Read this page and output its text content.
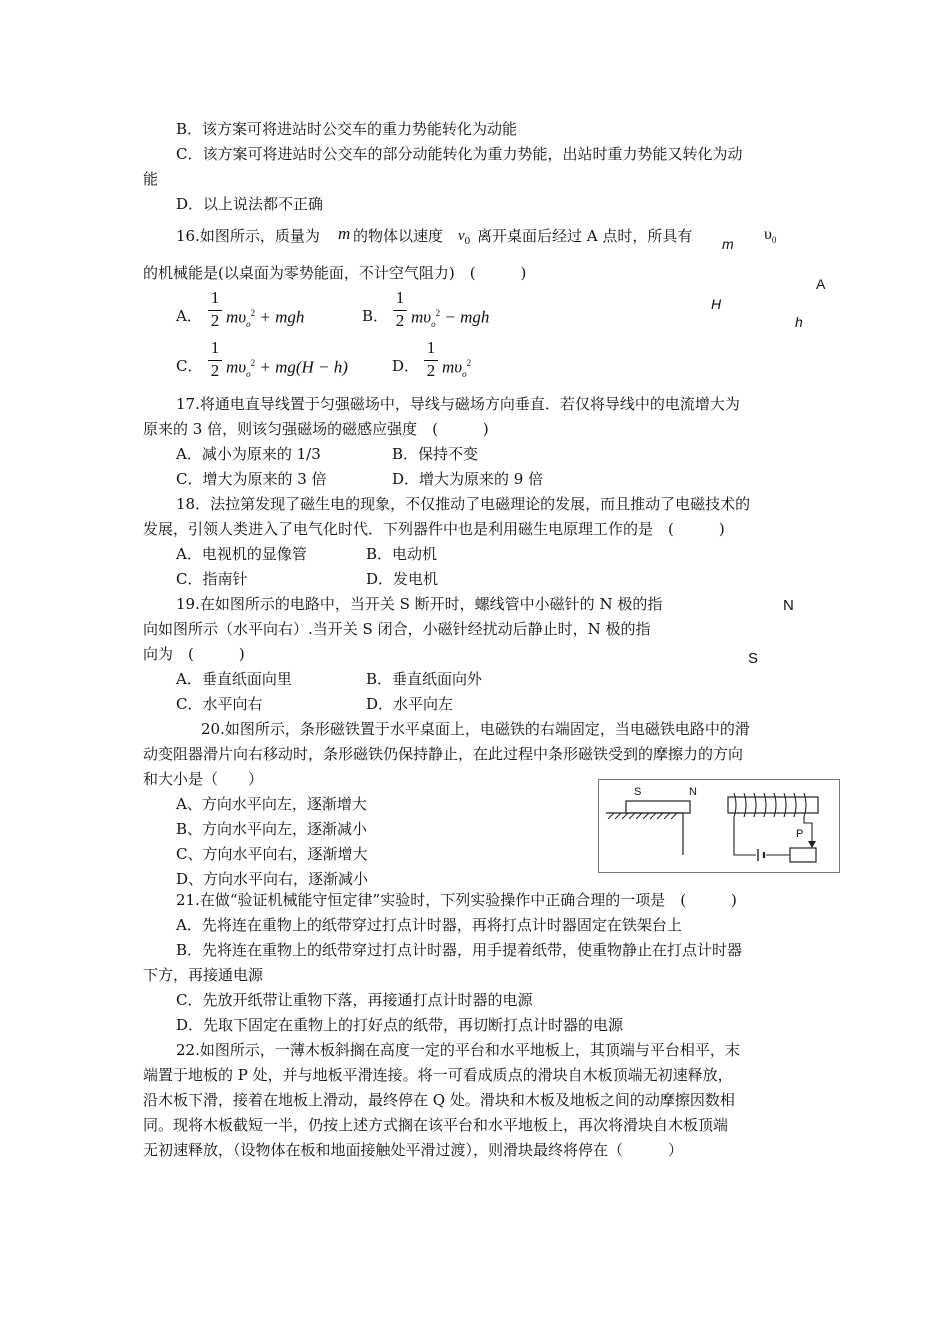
B．该方案可将进站时公交车的重力势能转化为动能
C．该方案可将进站时公交车的部分动能转化为重力势能，出站时重力势能又转化为动
能
D．以上说法都不正确
16.如图所示，质量为 m 的物体以速度 $v_0$ 离开桌面后经过 A 点时，所具有
的机械能是(以桌面为零势能面，不计空气阻力)　(　　　)
A． $\frac{1}{2} m\upsilon_o^2$ + mgh	B． $\frac{1}{2} m\upsilon_o^2$ − mgh
C． $\frac{1}{2} m\upsilon_o^2 + mg(H - h)$	D． $\frac{1}{2} m\upsilon_o^2$
m
$\upsilon_0$
A
H
h
17.将通电直导线置于匀强磁场中，导线与磁场方向垂直．若仅将导线中的电流增大为
原来的 3 倍，则该匀强磁场的磁感应强度　(　　　)
A．减小为原来的 1/3	B．保持不变
C．增大为原来的 3 倍	D．增大为原来的 9 倍
18．法拉第发现了磁生电的现象，不仅推动了电磁理论的发展，而且推动了电磁技术的
发展，引领人类进入了电气化时代．下列器件中也是利用磁生电原理工作的是　(　　　)
A．电视机的显像管	B．电动机
C．指南针	D．发电机
19.在如图所示的电路中，当开关 S 断开时，螺线管中小磁针的 N 极的指
向如图所示（水平向右）.当开关 S 闭合，小磁针经扰动后静止时，N 极的指
向为　(　　　)
A．垂直纸面向里	B．垂直纸面向外
C．水平向右	D．水平向左
N
S
20.如图所示，条形磁铁置于水平桌面上，电磁铁的右端固定，当电磁铁电路中的滑
动变阻器滑片向右移动时，条形磁铁仍保持静止，在此过程中条形磁铁受到的摩擦力的方向
和大小是（　　）
A、方向水平向左，逐渐增大
B、方向水平向左，逐渐减小
C、方向水平向右，逐渐增大
D、方向水平向右，逐渐减小
S	N
P
21.在做“验证机械能守恒定律”实验时，下列实验操作中正确合理的一项是　(　　　)
A．先将连在重物上的纸带穿过打点计时器，再将打点计时器固定在铁架台上
B．先将连在重物上的纸带穿过打点计时器，用手提着纸带，使重物静止在打点计时器
下方，再接通电源
C．先放开纸带让重物下落，再接通打点计时器的电源
D．先取下固定在重物上的打好点的纸带，再切断打点计时器的电源
22.如图所示，一薄木板斜搁在高度一定的平台和水平地板上，其顶端与平台相平，末
端置于地板的 P 处，并与地板平滑连接。将一可看成质点的滑块自木板顶端无初速释放，
沿木板下滑，接着在地板上滑动，最终停在 Q 处。滑块和木板及地板之间的动摩擦因数相
同。现将木板截短一半，仍按上述方式搁在该平台和水平地板上，再次将滑块自木板顶端
无初速释放，（设物体在板和地面接触处平滑过渡），则滑块最终将停在（　　　）
